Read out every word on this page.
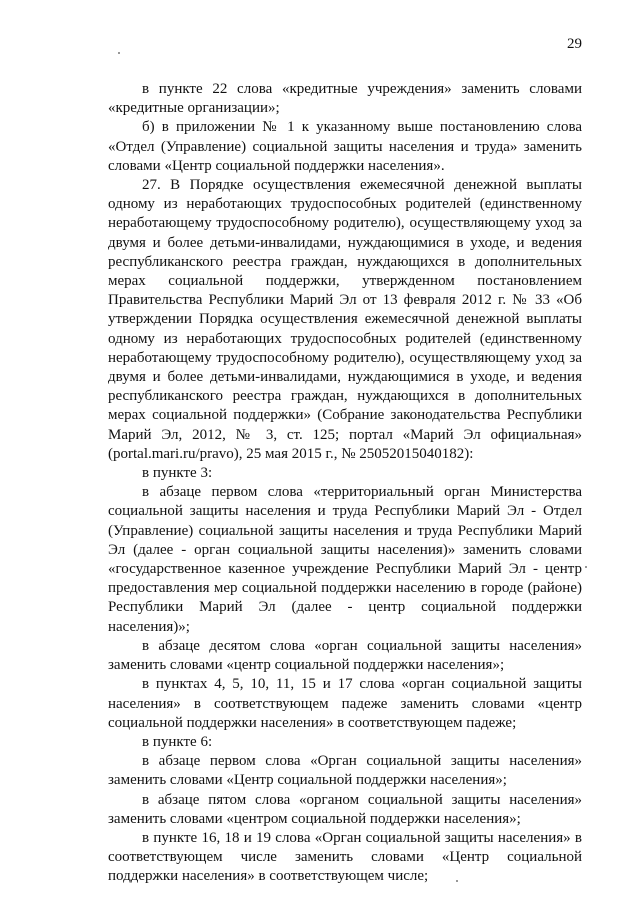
29

в пункте 22 слова «кредитные учреждения» заменить словами «кредитные организации»;

б) в приложении № 1 к указанному выше постановлению слова «Отдел (Управление) социальной защиты населения и труда» заменить словами «Центр социальной поддержки населения».

27. В Порядке осуществления ежемесячной денежной выплаты одному из неработающих трудоспособных родителей (единственному неработающему трудоспособному родителю), осуществляющему уход за двумя и более детьми-инвалидами, нуждающимися в уходе, и ведения республиканского реестра граждан, нуждающихся в дополнительных мерах социальной поддержки, утвержденном постановлением Правительства Республики Марий Эл от 13 февраля 2012 г. № 33 «Об утверждении Порядка осуществления ежемесячной денежной выплаты одному из неработающих трудоспособных родителей (единственному неработающему трудоспособному родителю), осуществляющему уход за двумя и более детьми-инвалидами, нуждающимися в уходе, и ведения республиканского реестра граждан, нуждающихся в дополнительных мерах социальной поддержки» (Собрание законодательства Республики Марий Эл, 2012, № 3, ст. 125; портал «Марий Эл официальная» (portal.mari.ru/pravo), 25 мая 2015 г., № 25052015040182):

в пункте 3:

в абзаце первом слова «территориальный орган Министерства социальной защиты населения и труда Республики Марий Эл - Отдел (Управление) социальной защиты населения и труда Республики Марий Эл (далее - орган социальной защиты населения)» заменить словами «государственное казенное учреждение Республики Марий Эл - центр предоставления мер социальной поддержки населению в городе (районе) Республики Марий Эл (далее - центр социальной поддержки населения)»;

в абзаце десятом слова «орган социальной защиты населения» заменить словами «центр социальной поддержки населения»;

в пунктах 4, 5, 10, 11, 15 и 17 слова «орган социальной защиты населения» в соответствующем падеже заменить словами «центр социальной поддержки населения» в соответствующем падеже;

в пункте 6:

в абзаце первом слова «Орган социальной защиты населения» заменить словами «Центр социальной поддержки населения»;

в абзаце пятом слова «органом социальной защиты населения» заменить словами «центром социальной поддержки населения»;

в пункте 16, 18 и 19 слова «Орган социальной защиты населения» в соответствующем числе заменить словами «Центр социальной поддержки населения» в соответствующем числе;
